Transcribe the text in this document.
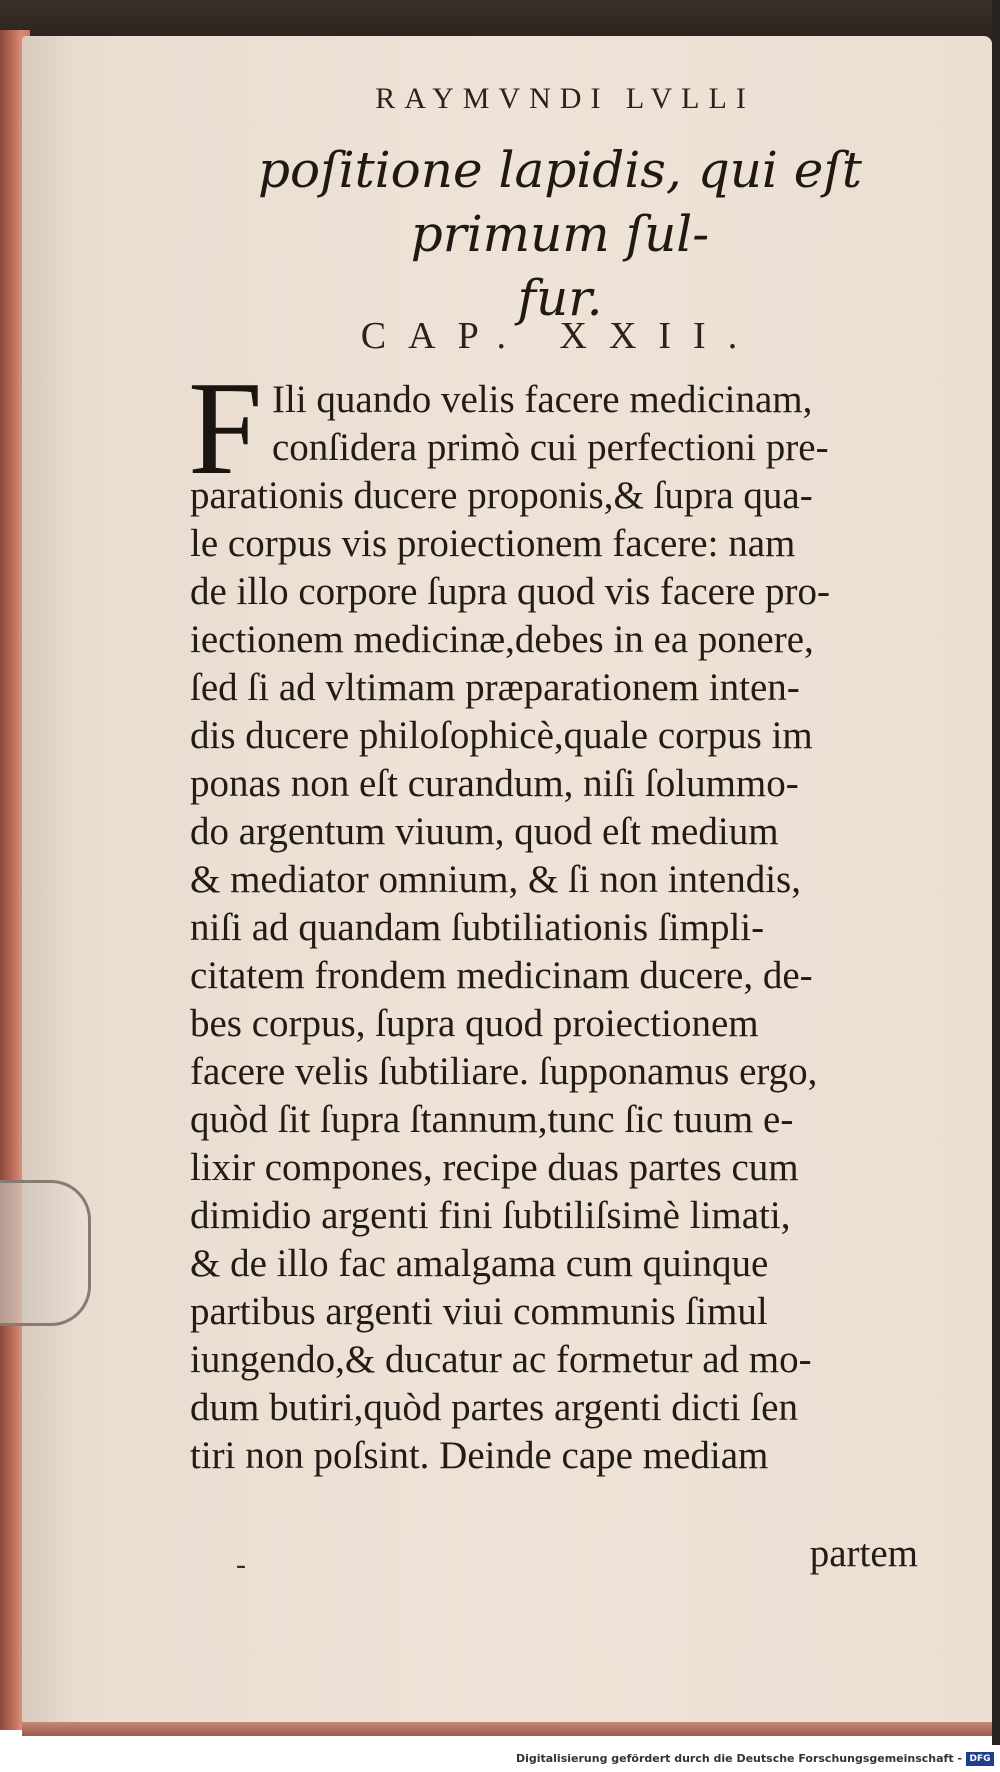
RAYMVNDI LVLLI
poſitione lapidis, qui eſt primum ſul-
fur.
CAP. XXII.
F Ili quando velis facere medicinam,
conſidera primò cui perfectioni pre-
parationis ducere proponis,& ſupra qua-
le corpus vis proiectionem facere: nam
de illo corpore ſupra quod vis facere pro-
iectionem medicinæ,debes in ea ponere,
ſed ſi ad vltimam præparationem inten-
dis ducere philoſophicè,quale corpus im
ponas non eſt curandum, niſi ſolummo-
do argentum viuum, quod eſt medium
& mediator omnium, & ſi non intendis,
niſi ad quandam ſubtiliationis ſimpli-
citatem frondem medicinam ducere, de-
bes corpus, ſupra quod proiectionem
facere velis ſubtiliare. ſupponamus ergo,
quòd ſit ſupra ſtannum,tunc ſic tuum e-
lixir compones, recipe duas partes cum
dimidio argenti fini ſubtiliſsimè limati,
& de illo fac amalgama cum quinque
partibus argenti viui communis ſimul
iungendo,& ducatur ac formetur ad mo-
dum butiri,quòd partes argenti dicti ſen
tiri non poſsint. Deinde cape mediam
-	partem
Digitalisierung gefördert durch die Deutsche Forschungsgemeinschaft - DFG
